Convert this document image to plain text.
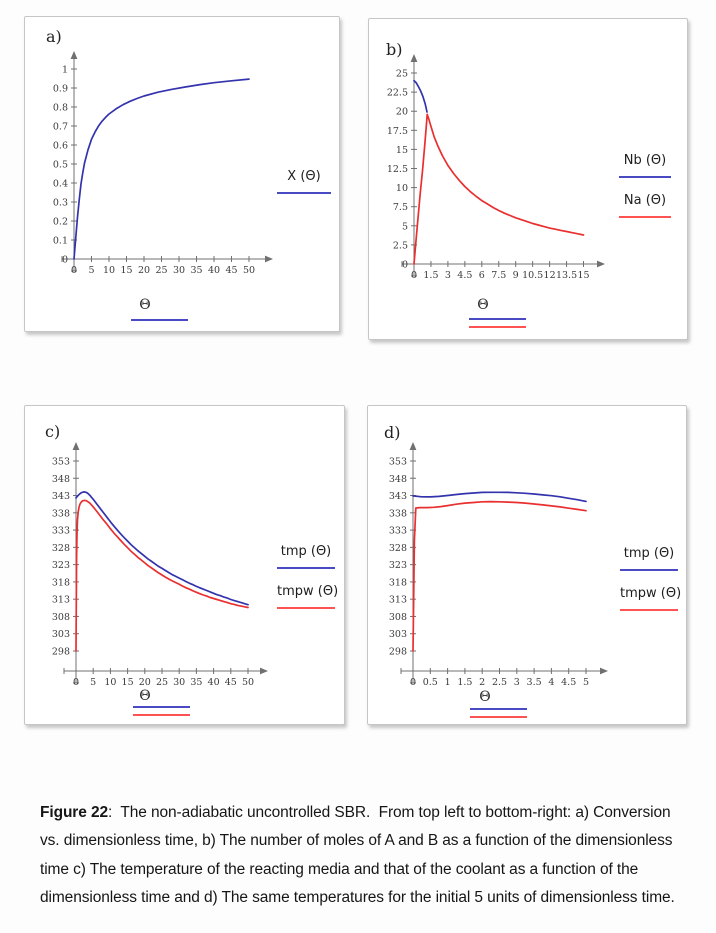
a)
0 5 10 15 20 25 30 35 40 45 50
0
0.1
0.2
0.3
0.4
0.5
0.6
0.7
0.8
0.9
1
X (Θ)
Θ
b)
0 1.5 3 4.5 6 7.5 9 10.5 12 13.5 15
0
2.5
5
7.5
10
12.5
15
17.5
20
22.5
25
Nb (Θ)
Na (Θ)
Θ
c)
0 5 10 15 20 25 30 35 40 45 50
298
303
308
313
318
323
328
333
338
343
348
353
tmp (Θ)
tmpw (Θ)
Θ
d)
0 0.5 1 1.5 2 2.5 3 3.5 4 4.5 5
298
303
308
313
318
323
328
333
338
343
348
353
tmp (Θ)
tmpw (Θ)
Θ

Figure 22:  The non-adiabatic uncontrolled SBR.  From top left to bottom-right: a) Conversion vs. dimensionless time, b) The number of moles of A and B as a function of the dimensionless time c) The temperature of the reacting media and that of the coolant as a function of the dimensionless time and d) The same temperatures for the initial 5 units of dimensionless time.
